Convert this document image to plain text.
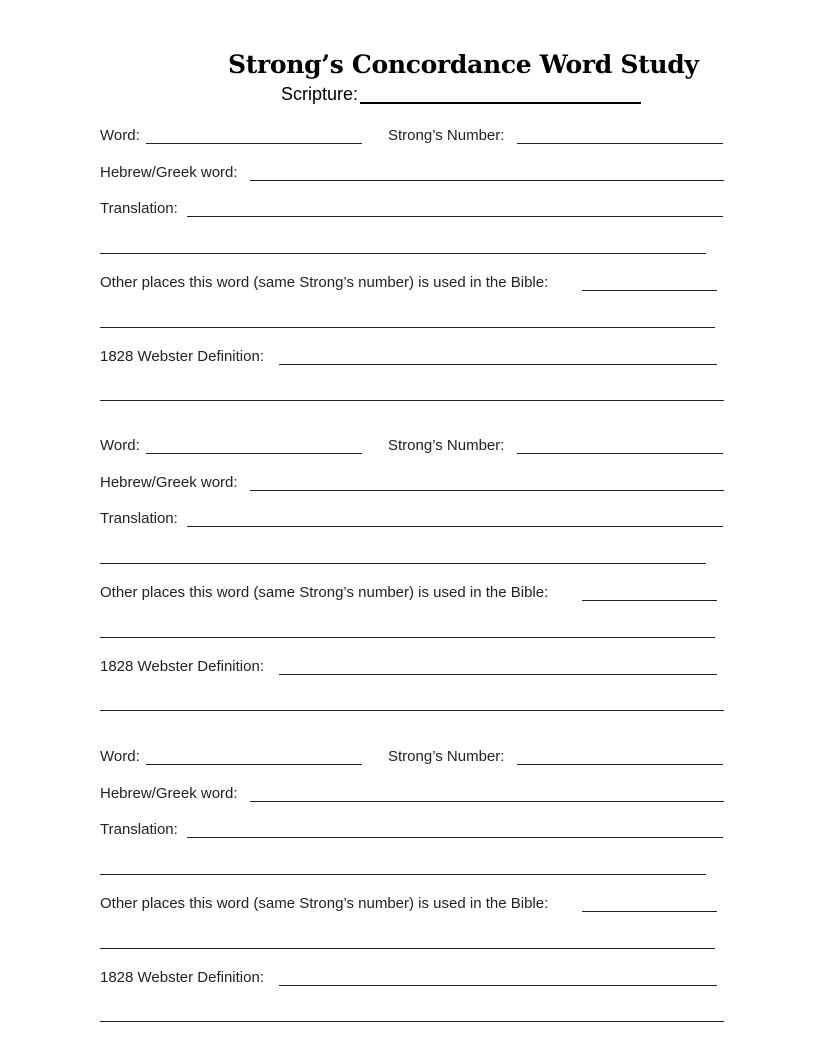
Strong’s Concordance Word Study
Scripture:
Word:	Strong’s Number:
Hebrew/Greek word:
Translation:
Other places this word (same Strong’s number) is used in the Bible:
1828 Webster Definition:
Word:	Strong’s Number:
Hebrew/Greek word:
Translation:
Other places this word (same Strong’s number) is used in the Bible:
1828 Webster Definition:
Word:	Strong’s Number:
Hebrew/Greek word:
Translation:
Other places this word (same Strong’s number) is used in the Bible:
1828 Webster Definition:
